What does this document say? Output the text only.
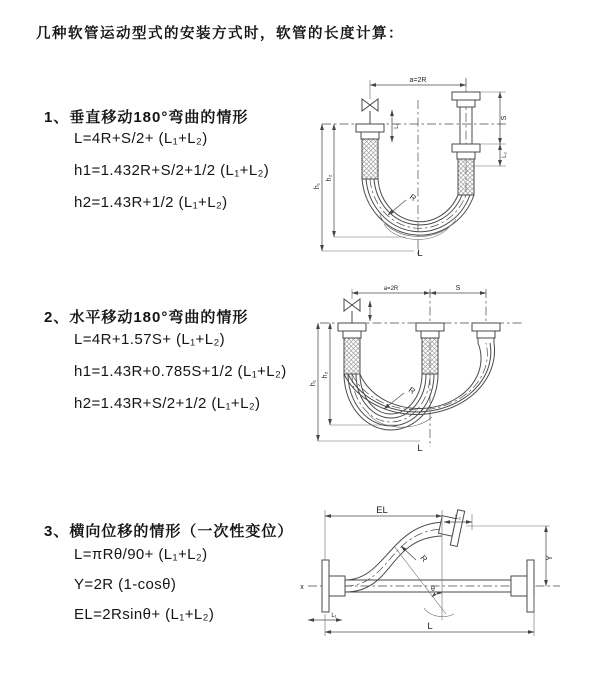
几种软管运动型式的安装方式时，软管的长度计算：
1、垂直移动180°弯曲的情形
L=4R+S/2+ (L₁+L₂)
h1=1.432R+S/2+1/2 (L₁+L₂)
h2=1.43R+1/2 (L₁+L₂)
2、水平移动180°弯曲的情形
L=4R+1.57S+ (L₁+L₂)
h1=1.43R+0.785S+1/2 (L₁+L₂)
h2=1.43R+S/2+1/2 (L₁+L₂)
3、横向位移的情形（一次性变位）
L=πRθ/90+ (L₁+L₂)
Y=2R (1-cosθ)
EL=2Rsinθ+ (L₁+L₂)
a=2R
R
h₁
h₂
L₁
S
L₂
L
a=2R	S
R
h₁
h₂
L
x	θ
R
EL
L₂
Y
L₁
L
